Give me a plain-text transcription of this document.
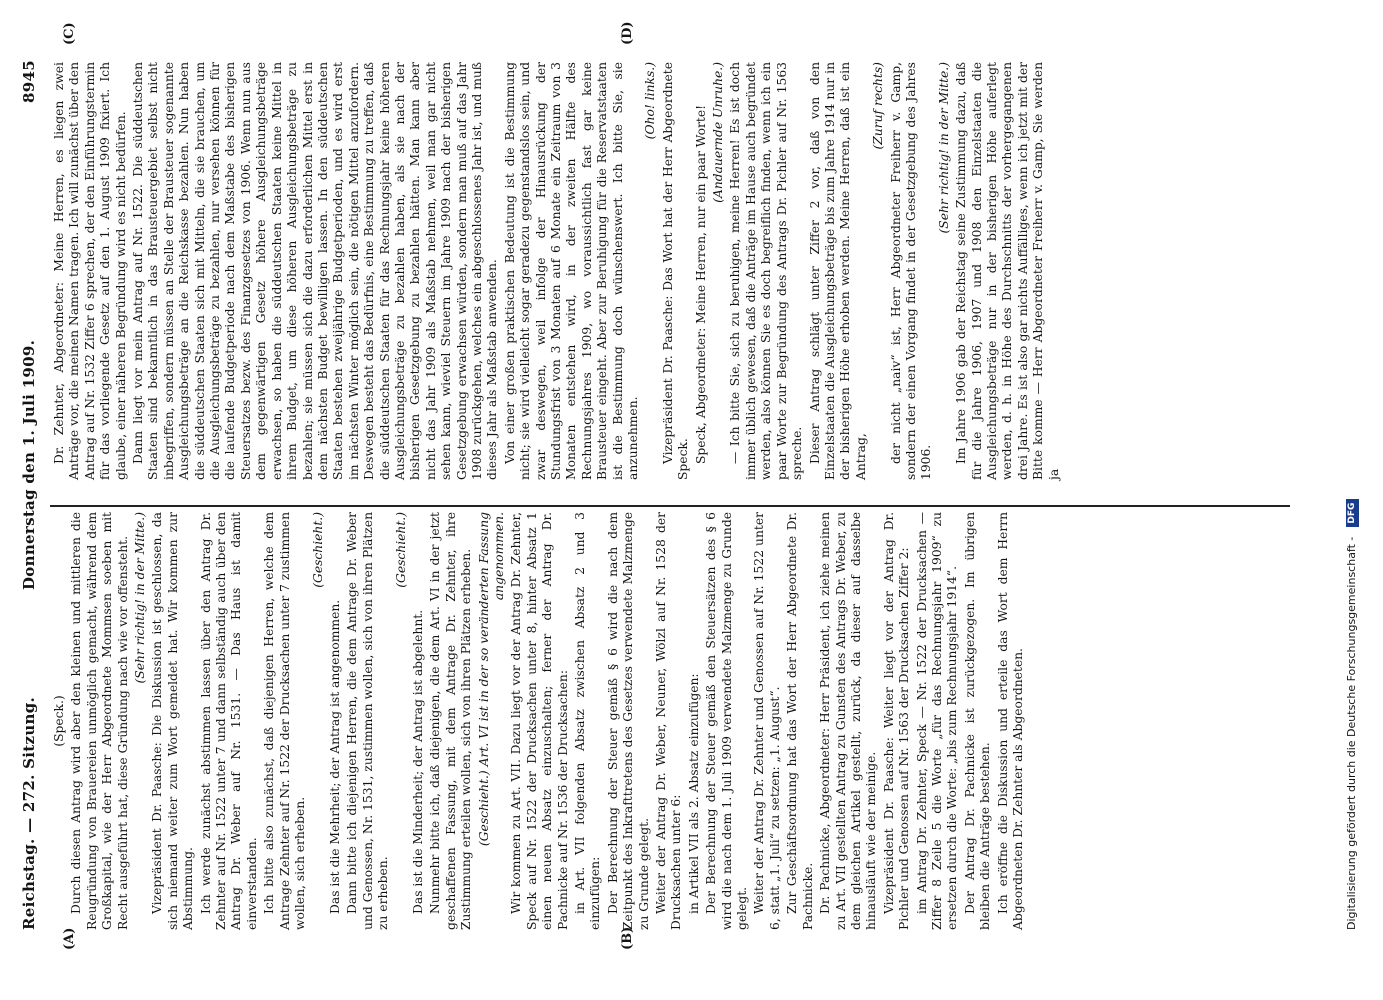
Reichstag. — 272. Sitzung.
Donnerstag den 1. Juli 1909.
8945
(A)	(B)
(C)	(D)

(Speck.) Durch diesen Antrag wird aber den kleinen und mittleren die Reugründung von Brauereien unmöglich gemacht, während dem Großkapital, wie der Herr Abgeordnete Mommsen soeben mit Recht ausgeführt hat, diese Gründung nach wie vor offensteht. (Sehr richtig! in der Mitte.) Vizepräsident Dr. Paasche: Die Diskussion ist geschlossen, da sich niemand weiter zum Wort gemeldet hat. Wir kommen zur Abstimmung. Ich werde zunächst abstimmen lassen über den Antrag Dr. Zehnter auf Nr. 1522 unter 7 und dann selbständig auch über den Antrag Dr. Weber auf Nr. 1531. — Das Haus ist damit einverstanden. Ich bitte also zunächst, daß diejenigen Herren, welche dem Antrage Zehnter auf Nr. 1522 der Drucksachen unter 7 zustimmen wollen, sich erheben.

(Geschieht.)

Das ist die Mehrheit; der Antrag ist angenommen. Dann bitte ich diejenigen Herren, die dem Antrage Dr. Weber und Genossen, Nr. 1531, zustimmen wollen, sich von ihren Plätzen zu erheben.

(Geschieht.)

Das ist die Minderheit; der Antrag ist abgelehnt. Nunmehr bitte ich, daß diejenigen, die dem Art. VI in der jetzt geschaffenen Fassung, mit dem Antrage Dr. Zehnter, ihre Zustimmung erteilen wollen, sich von ihren Plätzen erheben. (Geschieht.) Art. VI ist in der so veränderten Fassung angenommen. Wir kommen zu Art. VII. Dazu liegt vor der Antrag Dr. Zehnter, Speck auf Nr. 1522 der Drucksachen unter 8, hinter Absatz 1 einen neuen Absatz einzuschalten; ferner der Antrag Dr. Pachnicke auf Nr. 1536 der Drucksachen: in Art. VII folgenden Absatz zwischen Absatz 2 und 3 einzufügen: Der Berechnung der Steuer gemäß § 6 wird die nach dem Zeitpunkt des Inkrafttretens des Gesetzes verwendete Malzmenge zu Grunde gelegt. Weiter der Antrag Dr. Weber, Neuner, Wölzl auf Nr. 1528 der Drucksachen unter 6: in Artikel VII als 2. Absatz einzufügen: Der Berechnung der Steuer gemäß den Steuersätzen des § 6 wird die nach dem 1. Juli 1909 verwendete Malzmenge zu Grunde gelegt. Weiter der Antrag Dr. Zehnter und Genossen auf Nr. 1522 unter 6, statt „1. Juli“ zu setzen: „1. August“. Zur Geschäftsordnung hat das Wort der Herr Abgeordnete Dr. Pachnicke. Dr. Pachnicke, Abgeordneter: Herr Präsident, ich ziehe meinen zu Art. VII gestellten Antrag zu Gunsten des Antrags Dr. Weber, zu dem gleichen Artikel gestellt, zurück, da dieser auf dasselbe hinausläuft wie der meinige. Vizepräsident Dr. Paasche: Weiter liegt vor der Antrag Dr. Pichler und Genossen auf Nr. 1563 der Drucksachen Ziffer 2: im Antrag Dr. Zehnter, Speck — Nr. 1522 der Drucksachen — Ziffer 8 Zeile 5 die Worte „für das Rechnungsjahr 1909“ zu ersetzen durch die Worte: „bis zum Rechnungsjahr 1914“. Der Antrag Dr. Pachnicke ist zurückgezogen. Im übrigen bleiben die Anträge bestehen. Ich eröffne die Diskussion und erteile das Wort dem Herrn Abgeordneten Dr. Zehnter als Abgeordneten.

Dr. Zehnter, Abgeordneter: Meine Herren, es liegen zwei Anträge vor, die meinen Namen tragen. Ich will zunächst über den Antrag auf Nr. 1532 Ziffer 6 sprechen, der den Einführungstermin für das vorliegende Gesetz auf den 1. August 1909 fixiert. Ich glaube, einer näheren Begründung wird es nicht bedürfen. Dann liegt vor mein Antrag auf Nr. 1522. Die süddeutschen Staaten sind bekanntlich in das Brausteuergebiet selbst nicht inbegriffen, sondern müssen an Stelle der Brausteuer sogenannte Ausgleichungsbeträge an die Reichskasse bezahlen. Nun haben die süddeutschen Staaten sich mit Mitteln, die sie brauchen, um die Ausgleichungsbeträge zu bezahlen, nur versehen können für die laufende Budgetperiode nach dem Maßstabe des bisherigen Steuersatzes bezw. des Finanzgesetzes von 1906. Wenn nun aus dem gegenwärtigen Gesetz höhere Ausgleichungsbeträge erwachsen, so haben die süddeutschen Staaten keine Mittel in ihrem Budget, um diese höheren Ausgleichungsbeträge zu bezahlen; sie müssen sich die dazu erforderlichen Mittel erst in dem nächsten Budget bewilligen lassen. In den süddeutschen Staaten bestehen zweijährige Budgetperioden, und es wird erst im nächsten Winter möglich sein, die nötigen Mittel anzufordern. Deswegen besteht das Bedürfnis, eine Bestimmung zu treffen, daß die süddeutschen Staaten für das Rechnungsjahr keine höheren Ausgleichungsbeträge zu bezahlen haben, als sie nach der bisherigen Gesetzgebung zu bezahlen hätten. Man kann aber nicht das Jahr 1909 als Maßstab nehmen, weil man gar nicht sehen kann, wieviel Steuern im Jahre 1909 nach der bisherigen Gesetzgebung erwachsen würden, sondern man muß auf das Jahr 1908 zurückgehen, welches ein abgeschlossenes Jahr ist, und muß dieses Jahr als Maßstab anwenden. Von einer großen praktischen Bedeutung ist die Bestimmung nicht; sie wird vielleicht sogar geradezu gegenstandslos sein, und zwar deswegen, weil infolge der Hinausrückung der Stundungsfrist von 3 Monaten auf 6 Monate ein Zeitraum von 3 Monaten entstehen wird, in der zweiten Hälfte des Rechnungsjahres 1909, wo voraussichtlich fast gar keine Brausteuer eingeht. Aber zur Beruhigung für die Reservatstaaten ist die Bestimmung doch wünschenswert. Ich bitte Sie, sie anzunehmen.

(Oho! links.) Vizepräsident Dr. Paasche: Das Wort hat der Herr Abgeordnete Speck. Speck, Abgeordneter: Meine Herren, nur ein paar Worte! (Andauernde Unruhe.) — Ich bitte Sie, sich zu beruhigen, meine Herren! Es ist doch immer üblich gewesen, daß die Anträge im Hause auch begründet werden, also können Sie es doch begreiflich finden, wenn ich ein paar Worte zur Begründung des Antrags Dr. Pichler auf Nr. 1563 spreche. Dieser Antrag schlägt unter Ziffer 2 vor, daß von den Einzelstaaten die Ausgleichungsbeträge bis zum Jahre 1914 nur in der bisherigen Höhe erhoben werden. Meine Herren, daß ist ein Antrag,

(Zuruf rechts) der nicht „naiv“ ist, Herr Abgeordneter Freiherr v. Gamp, sondern der einen Vorgang findet in der Gesetzgebung des Jahres 1906.

(Sehr richtig! in der Mitte.) Im Jahre 1906 gab der Reichstag seine Zustimmung dazu, daß für die Jahre 1906, 1907 und 1908 den Einzelstaaten die Ausgleichungsbeträge nur in der bisherigen Höhe auferlegt werden, d. h. in Höhe des Durchschnitts der vorhergegangenen drei Jahre. Es ist also gar nichts Auffälliges, wenn ich jetzt mit der Bitte komme — Herr Abgeordneter Freiherr v. Gamp, Sie werden ja

Digitalisierung gefördert durch die Deutsche Forschungsgemeinschaft - DFG
